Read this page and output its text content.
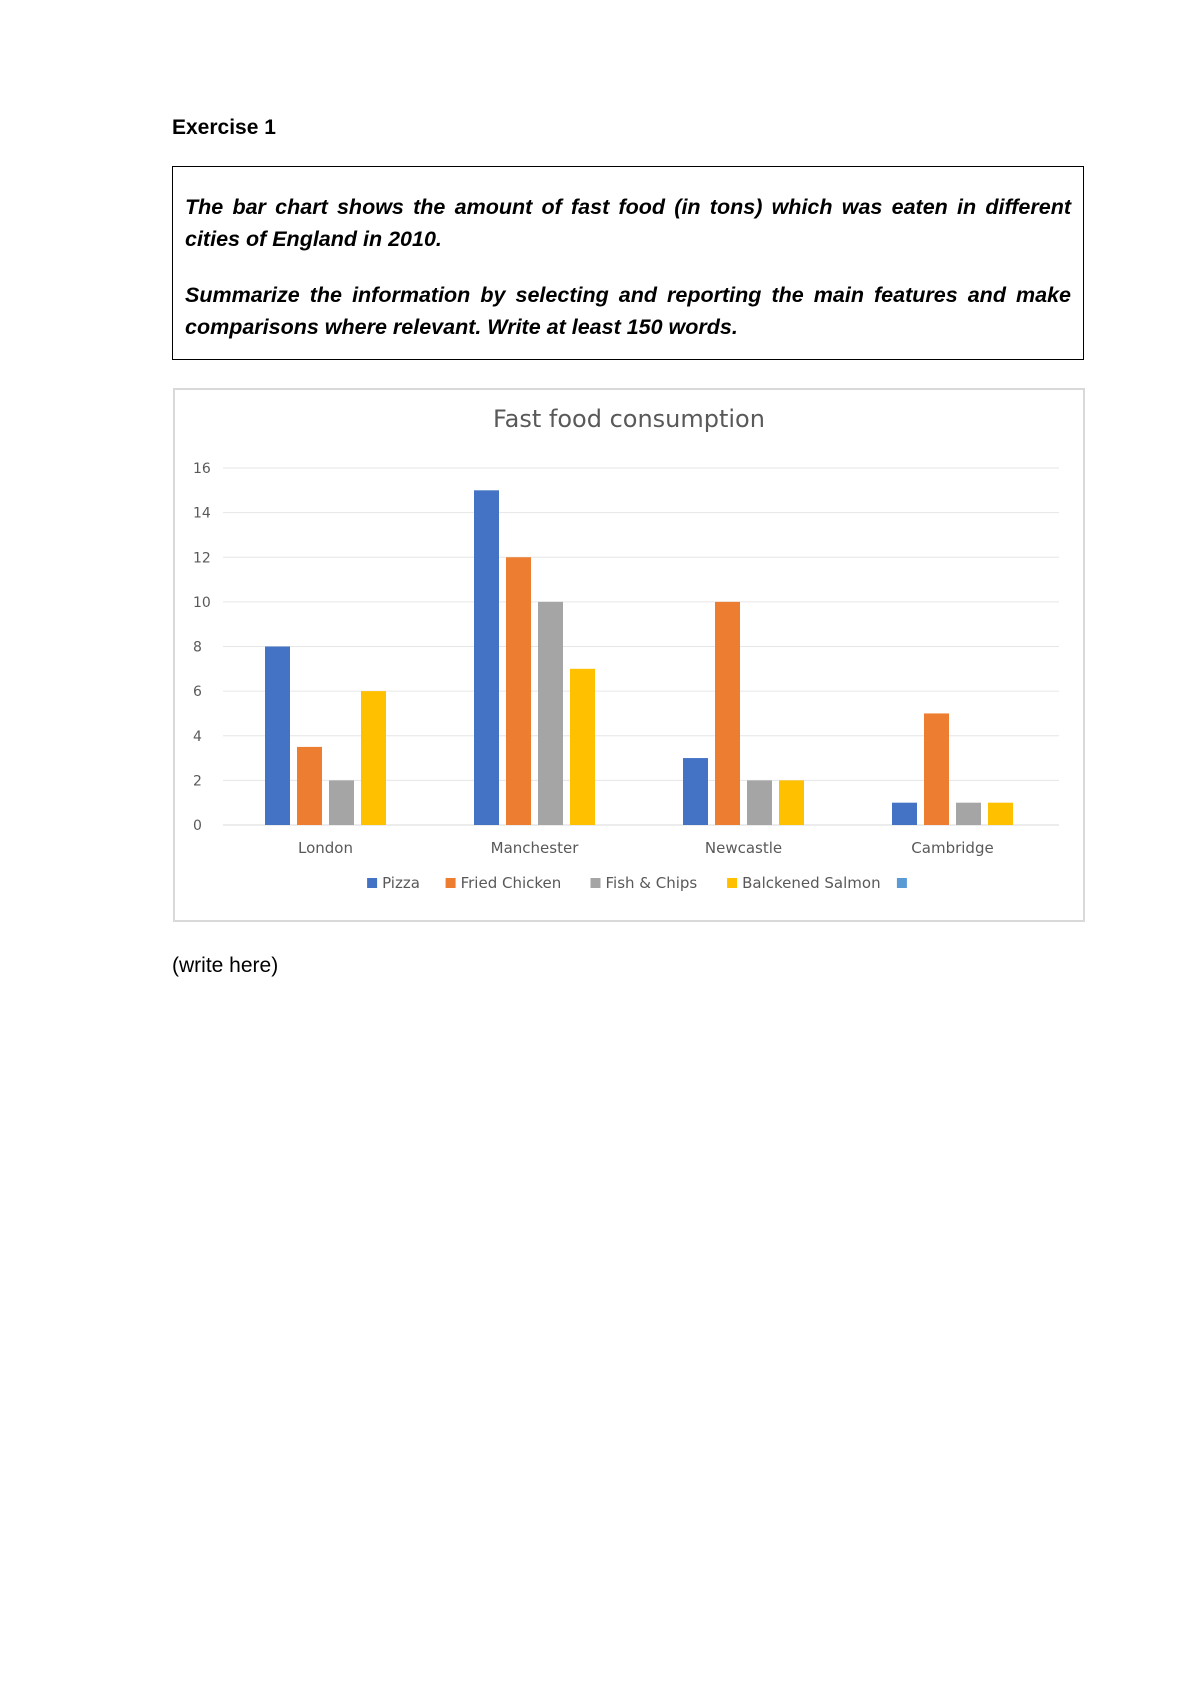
Exercise 1

The bar chart shows the amount of fast food (in tons) which was eaten in different cities of England in 2010.

Summarize the information by selecting and reporting the main features and make comparisons where relevant. Write at least 150 words.

Fast food consumption
0
2
4
6
8
10
12
14
16
London	Manchester	Newcastle	Cambridge
Pizza	Fried Chicken	Fish & Chips	Balckened Salmon
(write here)
